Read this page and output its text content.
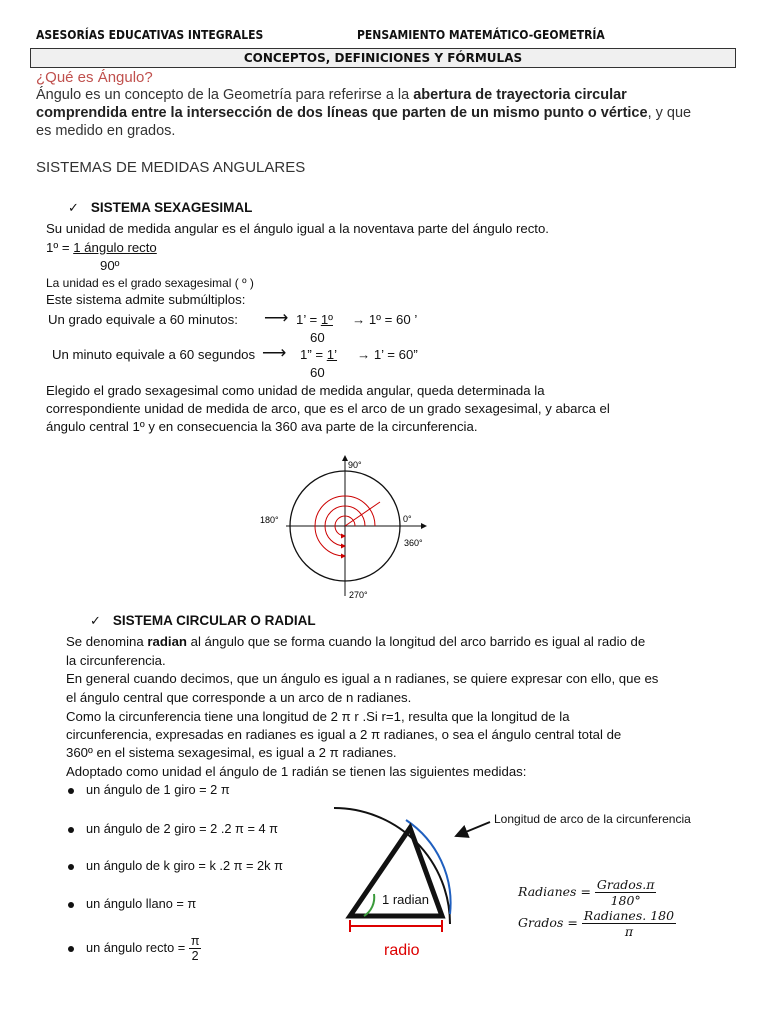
ASESORÍAS EDUCATIVAS INTEGRALES	PENSAMIENTO MATEMÁTICO-GEOMETRÍA
CONCEPTOS, DEFINICIONES Y FÓRMULAS
¿Qué es Ángulo?
Ángulo es un concepto de la Geometría para referirse a la abertura de trayectoria circular
comprendida entre la intersección de dos líneas que parten de un mismo punto o vértice, y que
es medido en grados.
SISTEMAS DE MEDIDAS ANGULARES
✓ SISTEMA SEXAGESIMAL
Su unidad de medida angular es el ángulo igual a la noventava parte del ángulo recto.
1º = 1 ángulo recto
90º
La unidad es el grado sexagesimal ( º )
Este sistema admite submúltiplos:
Un grado equivale a 60 minutos: ⟶ 1’ = 1º → 1º = 60 ’
60
Un minuto equivale a 60 segundos ⟶ 1” = 1’ → 1’ = 60”
60
Elegido el grado sexagesimal como unidad de medida angular, queda determinada la
correspondiente unidad de medida de arco, que es el arco de un grado sexagesimal, y abarca el
ángulo central 1º y en consecuencia la 360 ava parte de la circunferencia.
90°
180°	0°
360°
270°
✓ SISTEMA CIRCULAR O RADIAL
Se denomina radian al ángulo que se forma cuando la longitud del arco barrido es igual al radio de
la circunferencia.
En general cuando decimos, que un ángulo es igual a n radianes, se quiere expresar con ello, que es
el ángulo central que corresponde a un arco de n radianes.
Como la circunferencia tiene una longitud de 2 π r .Si r=1, resulta que la longitud de la
circunferencia, expresadas en radianes es igual a 2 π radianes, o sea el ángulo central total de
360º en el sistema sexagesimal, es igual a 2 π radianes.
Adoptado como unidad el ángulo de 1 radián se tienen las siguientes medidas:
un ángulo de 1 giro = 2 π
un ángulo de 2 giro = 2 .2 π = 4 π
un ángulo de k giro = k .2 π = 2k π
un ángulo llano = π
un ángulo recto = $\frac{\pi}{2}$
1 radian
radio
Longitud de arco de la circunferencia
Radianes = $\frac{\text{Grados.π}}{180^\circ}$
Grados = $\frac{\text{Radianes. 180}}{\pi}$
